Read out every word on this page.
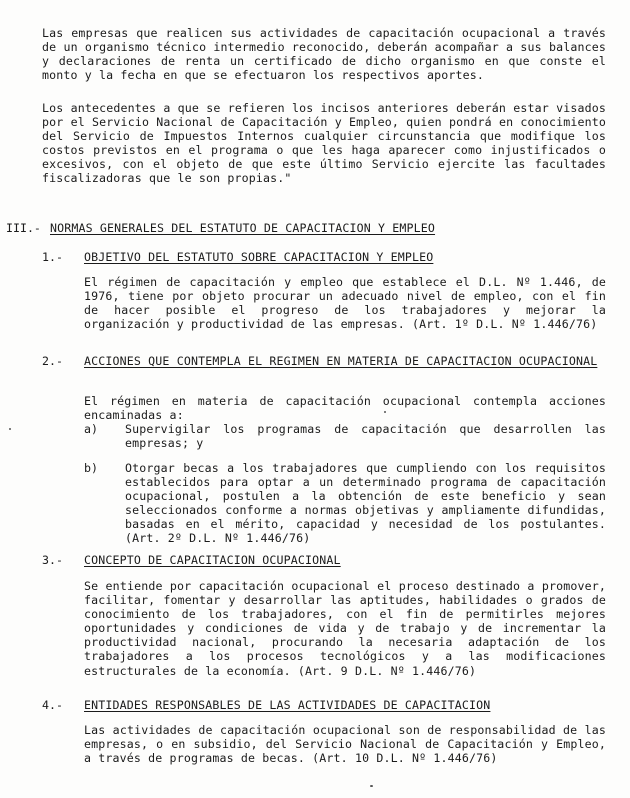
Las empresas que realicen sus actividades de capacitación ocupacional a través de un organismo técnico intermedio reconocido, deberán acompañar a sus balances y declaraciones de renta un certificado de dicho organismo en que conste el monto y la fecha en que se efectuaron los respectivos aportes.

Los antecedentes a que se refieren los incisos anteriores deberán estar visados por el Servicio Nacional de Capacitación y Empleo, quien pondrá en conocimiento del Servicio de Impuestos Internos cualquier circunstancia que modifique los costos previstos en el programa o que les haga aparecer como injustificados o excesivos, con el objeto de que este último Servicio ejercite las facultades fiscalizadoras que le son propias."

III.- NORMAS GENERALES DEL ESTATUTO DE CAPACITACION Y EMPLEO
1.- OBJETIVO DEL ESTATUTO SOBRE CAPACITACION Y EMPLEO

El régimen de capacitación y empleo que establece el D.L. Nº 1.446, de 1976, tiene por objeto procurar un adecuado nivel de empleo, con el fin de hacer posible el progreso de los trabajadores y mejorar la organización y productividad de las empresas. (Art. 1º D.L. Nº 1.446/76)

2.- ACCIONES QUE CONTEMPLA EL REGIMEN EN MATERIA DE CAPACITACION OCUPACIONAL

El régimen en materia de capacitación ocupacional contempla acciones encaminadas a:

a) Supervigilar los programas de capacitación que desarrollen las empresas; y

b) Otorgar becas a los trabajadores que cumpliendo con los requisitos establecidos para optar a un determinado programa de capacitación ocupacional, postulen a la obtención de este beneficio y sean seleccionados conforme a normas objetivas y ampliamente difundidas, basadas en el mérito, capacidad y necesidad de los postulantes. (Art. 2º D.L. Nº 1.446/76)

3.- CONCEPTO DE CAPACITACION OCUPACIONAL

Se entiende por capacitación ocupacional el proceso destinado a promover, facilitar, fomentar y desarrollar las aptitudes, habilidades o grados de conocimiento de los trabajadores, con el fin de permitirles mejores oportunidades y condiciones de vida y de trabajo y de incrementar la productividad nacional, procurando la necesaria adaptación de los trabajadores a los procesos tecnológicos y a las modificaciones estructurales de la economía. (Art. 9 D.L. Nº 1.446/76)

4.- ENTIDADES RESPONSABLES DE LAS ACTIVIDADES DE CAPACITACION

Las actividades de capacitación ocupacional son de responsabilidad de las empresas, o en subsidio, del Servicio Nacional de Capacitación y Empleo, a través de programas de becas. (Art. 10 D.L. Nº 1.446/76)
